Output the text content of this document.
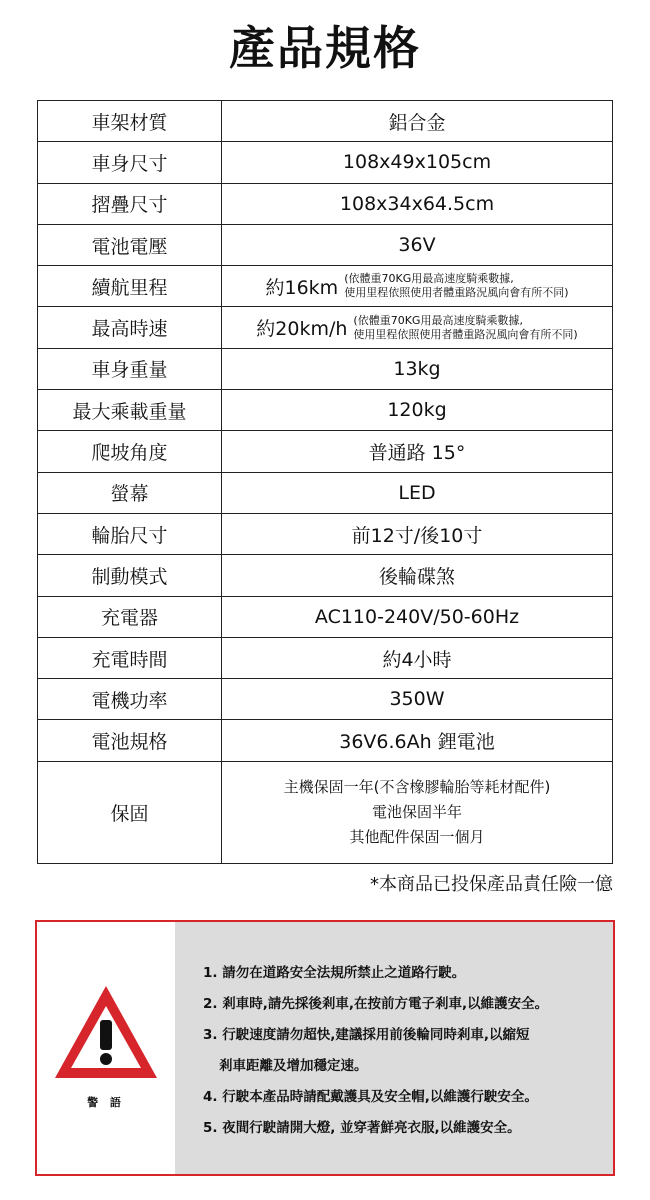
產品規格
車架材質	鋁合金
車身尺寸	108x49x105cm
摺疊尺寸	108x34x64.5cm
電池電壓	36V
續航里程	約16km (依體重70KG用最高速度騎乘數據,
使用里程依照使用者體重路況風向會有所不同)

最高時速	約20km/h (依體重70KG用最高速度騎乘數據,
使用里程依照使用者體重路況風向會有所不同)

車身重量	13kg
最大乘載重量	120kg
爬坡角度	普通路 15°
螢幕	LED
輪胎尺寸	前12寸/後10寸
制動模式	後輪碟煞
充電器	AC110-240V/50-60Hz
充電時間	約4小時
電機功率	350W
電池規格	36V6.6Ah 鋰電池
保固	主機保固一年(不含橡膠輪胎等耗材配件)
電池保固半年
其他配件保固一個月
*本商品已投保產品責任險一億
警 語
1. 請勿在道路安全法規所禁止之道路行駛。
2. 剎車時,請先採後剎車,在按前方電子剎車,以維護安全。
3. 行駛速度請勿超快,建議採用前後輪同時剎車,以縮短
剎車距離及增加穩定速。
4. 行駛本產品時請配戴護具及安全帽,以維護行駛安全。
5. 夜間行駛請開大燈, 並穿著鮮亮衣服,以維護安全。
